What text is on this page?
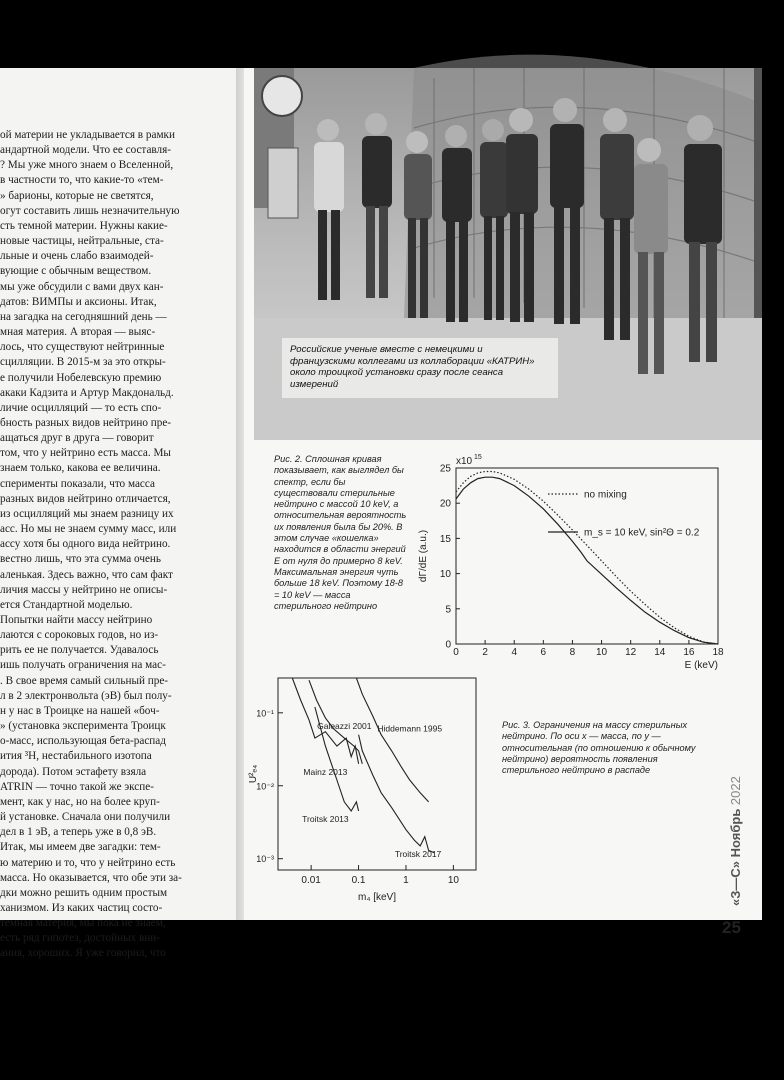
ой материи не укладывается в рамки
андартной модели. Что ее составля-
? Мы уже много знаем о Вселенной,
в частности то, что какие-то «тем-
» барионы, которые не светятся,
огут составить лишь незначительную
сть темной материи. Нужны какие-
новые частицы, нейтральные, ста-
льные и очень слабо взаимодей-
вующие с обычным веществом.
мы уже обсудили с вами двух кан-
датов: ВИМПы и аксионы. Итак,
на загадка на сегодняшний день —
мная материя. А вторая — выяс-
лось, что существуют нейтринные
сцилляции. В 2015-м за это откры-
е получили Нобелевскую премию
акаки Кадзита и Артур Макдональд.
личие осцилляций — то есть спо-
бность разных видов нейтрино пре-
ащаться друг в друга — говорит
том, что у нейтрино есть масса. Мы
знаем только, какова ее величина.
сперименты показали, что масса
разных видов нейтрино отличается,
из осцилляций мы знаем разницу их
асс. Но мы не знаем сумму масс, или
ассу хотя бы одного вида нейтрино.
вестно лишь, что эта сумма очень
аленькая. Здесь важно, что сам факт
личия массы у нейтрино не описы-
ется Стандартной моделью.
Попытки найти массу нейтрино
лаются с сороковых годов, но из-
рить ее не получается. Удавалось
ишь получать ограничения на мас-
. В свое время самый сильный пре-
л в 2 электронвольта (эВ) был полу-
н у нас в Троицке на нашей «боч-
» (установка эксперимента Троицк
о-масс, использующая бета-распад
ития ³Н, нестабильного изотопа
дорода). Потом эстафету взяла
ATRIN — точно такой же экспе-
мент, как у нас, но на более круп-
й установке. Сначала они получили
дел в 1 эВ, а теперь уже в 0,8 эВ.
Итак, мы имеем две загадки: тем-
ю материю и то, что у нейтрино есть
масса. Но оказывается, что обе эти за-
дки можно решить одним простым
ханизмом. Из каких частиц состо-
темная материя, мы пока не знаем,
есть ряд гипотез, достойных вни-
ания, хороших. Я уже говорил, что
Российские ученые вместе с немецкими и французскими коллегами из коллаборации «КАТРИН» около троицкой установки сразу после сеанса измерений
Рис. 2. Сплошная кривая показывает, как выглядел бы спектр, если бы существовали стерильные нейтрино с массой 10 keV, а относительная вероятность их появления была бы 20%. В этом случае «кошелка» находится в области энергий E от нуля до примерно 8 keV. Максимальная энергия чуть больше 18 keV. Поэтому 18-8 = 10 keV — масса стерильного нейтрино
0 2 4 6 8 10 12 14 16 18
0
5
10
15
20
25
x10 15
E (keV)
dΓ/dE (a.u.)
no mixing
m_s = 10 keV, sin²Θ = 0.2
0.01	0.1	1	10
10⁻¹
10⁻²
10⁻³
m₄ [keV]
U²ₑ₄
Galeazzi 2001
Mainz 2013
Troitsk 2013
Hiddemann 1995
Troitsk 2017
Рис. 3. Ограничения на массу стерильных нейтрино. По оси x — масса, по y — относительная (по отношению к обычному нейтрино) вероятность появления стерильного нейтрино в распаде
«З—С» Ноябрь 2022
25
